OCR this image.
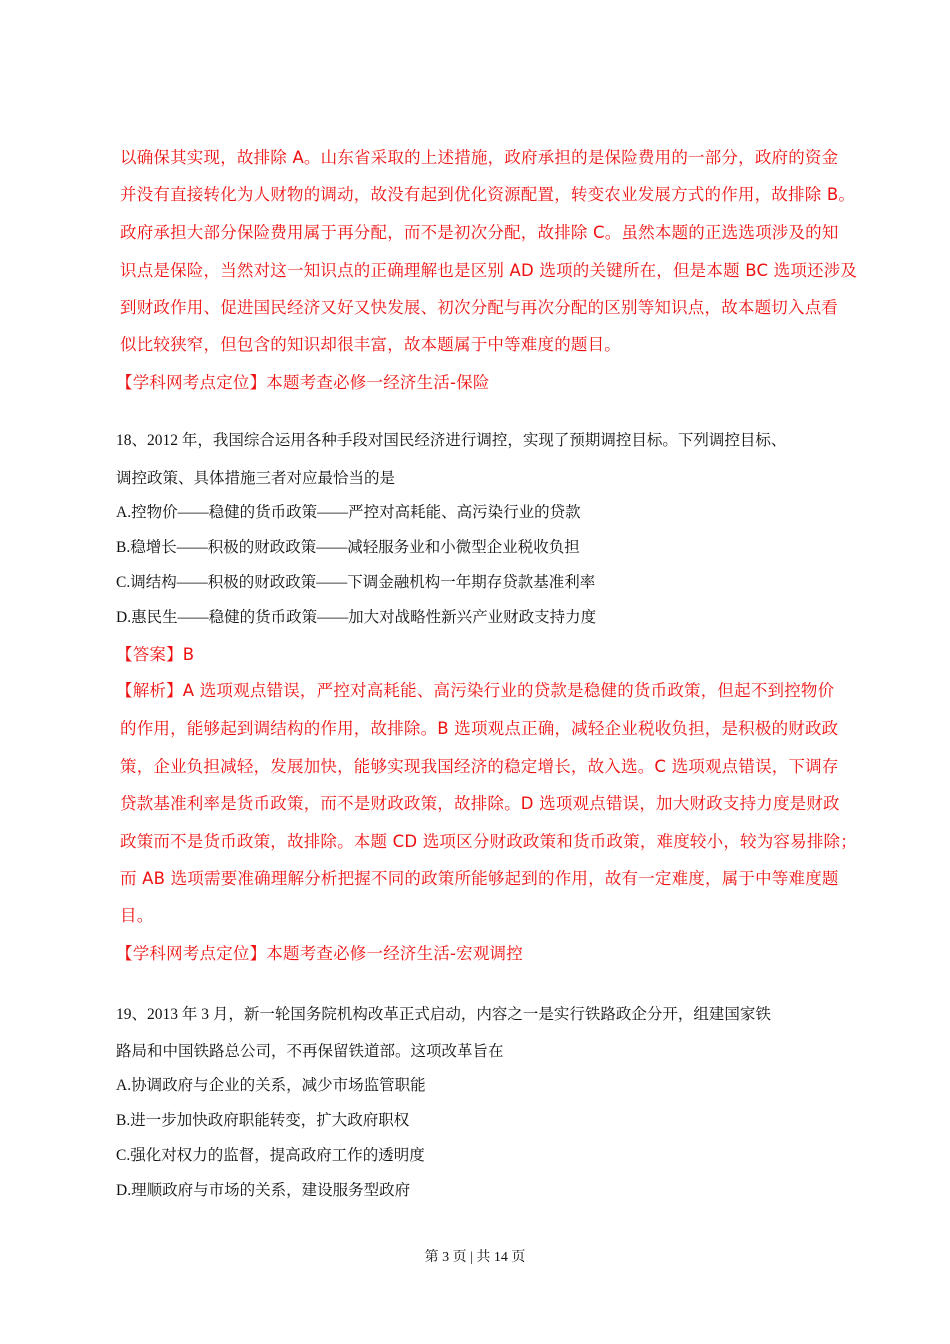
以确保其实现，故排除 A。山东省采取的上述措施，政府承担的是保险费用的一部分，政府的资金
并没有直接转化为人财物的调动，故没有起到优化资源配置，转变农业发展方式的作用，故排除 B。
政府承担大部分保险费用属于再分配，而不是初次分配，故排除 C。虽然本题的正选选项涉及的知
识点是保险，当然对这一知识点的正确理解也是区别 AD 选项的关键所在，但是本题 BC 选项还涉及
到财政作用、促进国民经济又好又快发展、初次分配与再次分配的区别等知识点，故本题切入点看
似比较狭窄，但包含的知识却很丰富，故本题属于中等难度的题目。
【学科网考点定位】本题考查必修一经济生活-保险
18、2012 年，我国综合运用各种手段对国民经济进行调控，实现了预期调控目标。下列调控目标、
调控政策、具体措施三者对应最恰当的是
A.控物价——稳健的货币政策——严控对高耗能、高污染行业的贷款
B.稳增长——积极的财政政策——减轻服务业和小微型企业税收负担
C.调结构——积极的财政政策——下调金融机构一年期存贷款基准利率
D.惠民生——稳健的货币政策——加大对战略性新兴产业财政支持力度
【答案】B
【解析】A 选项观点错误，严控对高耗能、高污染行业的贷款是稳健的货币政策，但起不到控物价
的作用，能够起到调结构的作用，故排除。B 选项观点正确，减轻企业税收负担，是积极的财政政
策，企业负担减轻，发展加快，能够实现我国经济的稳定增长，故入选。C 选项观点错误，下调存
贷款基准利率是货币政策，而不是财政政策，故排除。D 选项观点错误，加大财政支持力度是财政
政策而不是货币政策，故排除。本题 CD 选项区分财政政策和货币政策，难度较小，较为容易排除；
而 AB 选项需要准确理解分析把握不同的政策所能够起到的作用，故有一定难度，属于中等难度题
目。
【学科网考点定位】本题考查必修一经济生活-宏观调控
19、2013 年 3 月，新一轮国务院机构改革正式启动，内容之一是实行铁路政企分开，组建国家铁
路局和中国铁路总公司，不再保留铁道部。这项改革旨在
A.协调政府与企业的关系，减少市场监管职能
B.进一步加快政府职能转变，扩大政府职权
C.强化对权力的监督，提高政府工作的透明度
D.理顺政府与市场的关系，建设服务型政府
第 3 页 | 共 14 页
